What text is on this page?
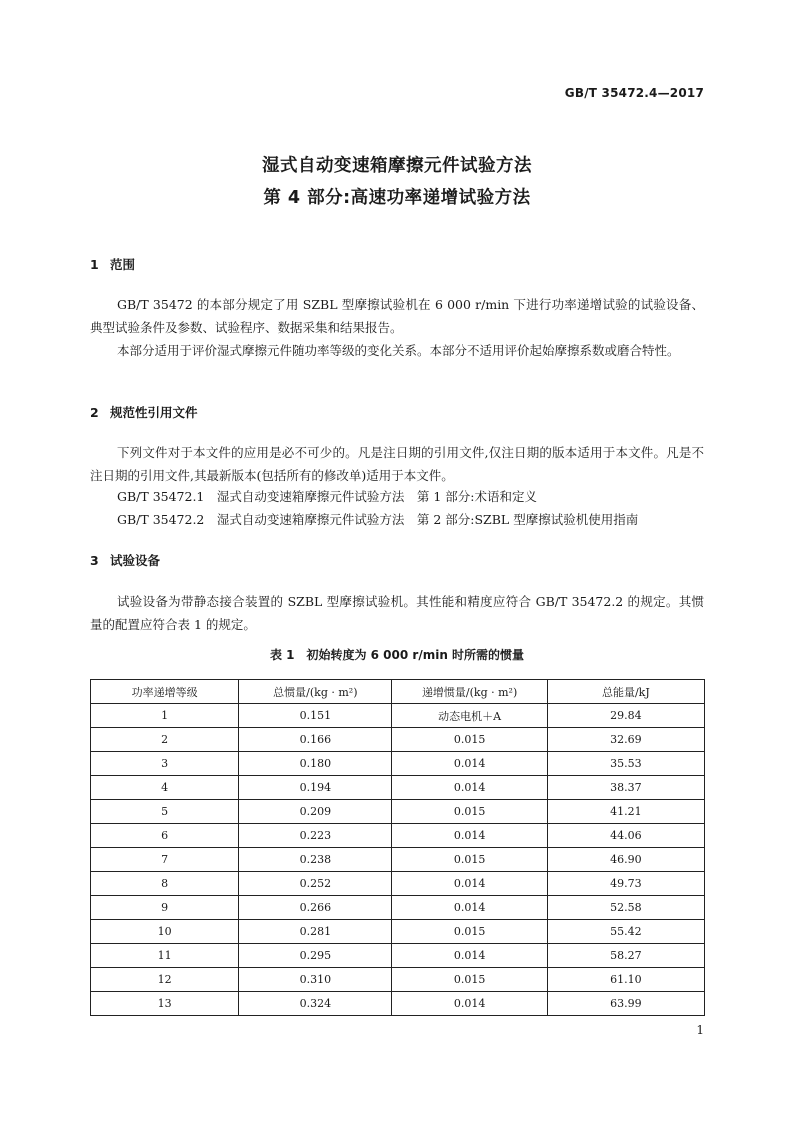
GB/T 35472.4—2017
湿式自动变速箱摩擦元件试验方法
第 4 部分:高速功率递增试验方法
1 范围
GB/T 35472 的本部分规定了用 SZBL 型摩擦试验机在 6 000 r/min 下进行功率递增试验的试验设备、典型试验条件及参数、试验程序、数据采集和结果报告。
本部分适用于评价湿式摩擦元件随功率等级的变化关系。本部分不适用评价起始摩擦系数或磨合特性。
2 规范性引用文件
下列文件对于本文件的应用是必不可少的。凡是注日期的引用文件,仅注日期的版本适用于本文件。凡是不注日期的引用文件,其最新版本(包括所有的修改单)适用于本文件。
GB/T 35472.1　湿式自动变速箱摩擦元件试验方法　第 1 部分:术语和定义
GB/T 35472.2　湿式自动变速箱摩擦元件试验方法　第 2 部分:SZBL 型摩擦试验机使用指南
3 试验设备
试验设备为带静态接合装置的 SZBL 型摩擦试验机。其性能和精度应符合 GB/T 35472.2 的规定。其惯量的配置应符合表 1 的规定。
表 1　初始转度为 6 000 r/min 时所需的惯量
功率递增等级	总惯量/(kg · m²)	递增惯量/(kg · m²)	总能量/kJ
1	0.151	动态电机＋A	29.84
2	0.166	0.015	32.69
3	0.180	0.014	35.53
4	0.194	0.014	38.37
5	0.209	0.015	41.21
6	0.223	0.014	44.06
7	0.238	0.015	46.90
8	0.252	0.014	49.73
9	0.266	0.014	52.58
10	0.281	0.015	55.42
11	0.295	0.014	58.27
12	0.310	0.015	61.10
13	0.324	0.014	63.99
1
